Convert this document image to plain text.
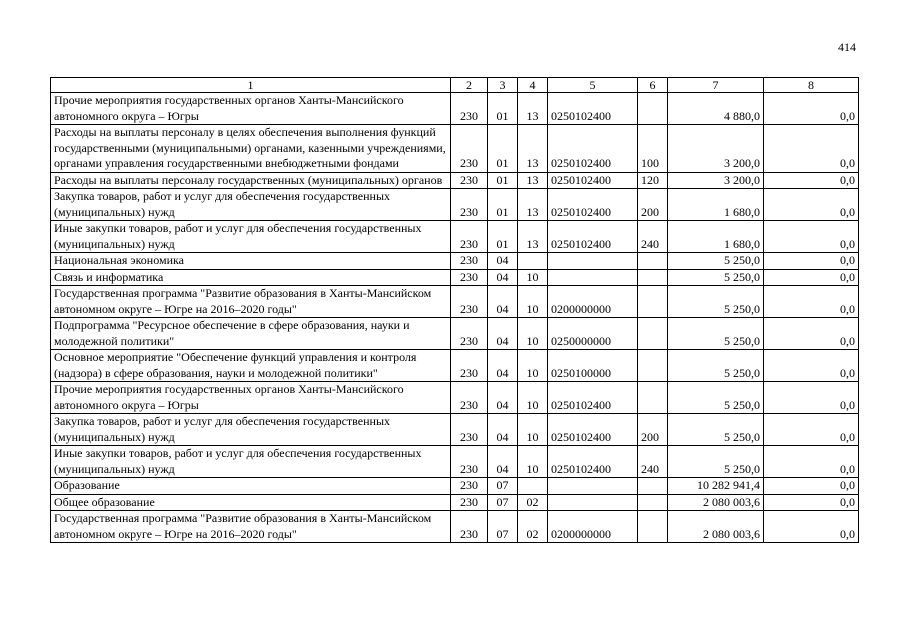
414
1	2	3	4	5	6	7	8
Прочие мероприятия государственных органов Ханты-Мансийского автономного округа – Югры	230	01	13	0250102400		4 880,0	0,0
Расходы на выплаты персоналу в целях обеспечения выполнения функций государственными (муниципальными) органами, казенными учреждениями, органами управления государственными внебюджетными фондами	230	01	13	0250102400	100	3 200,0	0,0
Расходы на выплаты персоналу государственных (муниципальных) органов	230	01	13	0250102400	120	3 200,0	0,0
Закупка товаров, работ и услуг для обеспечения государственных (муниципальных) нужд	230	01	13	0250102400	200	1 680,0	0,0
Иные закупки товаров, работ и услуг для обеспечения государственных (муниципальных) нужд	230	01	13	0250102400	240	1 680,0	0,0
Национальная экономика	230	04				5 250,0	0,0
Связь и информатика	230	04	10			5 250,0	0,0
Государственная программа "Развитие образования в Ханты-Мансийском автономном округе – Югре на 2016–2020 годы"	230	04	10	0200000000		5 250,0	0,0
Подпрограмма "Ресурсное обеспечение в сфере образования, науки и молодежной политики"	230	04	10	0250000000		5 250,0	0,0
Основное мероприятие "Обеспечение функций управления и контроля (надзора) в сфере образования, науки и молодежной политики"	230	04	10	0250100000		5 250,0	0,0
Прочие мероприятия государственных органов Ханты-Мансийского автономного округа – Югры	230	04	10	0250102400		5 250,0	0,0
Закупка товаров, работ и услуг для обеспечения государственных (муниципальных) нужд	230	04	10	0250102400	200	5 250,0	0,0
Иные закупки товаров, работ и услуг для обеспечения государственных (муниципальных) нужд	230	04	10	0250102400	240	5 250,0	0,0
Образование	230	07				10 282 941,4	0,0
Общее образование	230	07	02			2 080 003,6	0,0
Государственная программа "Развитие образования в Ханты-Мансийском автономном округе – Югре на 2016–2020 годы"	230	07	02	0200000000		2 080 003,6	0,0
